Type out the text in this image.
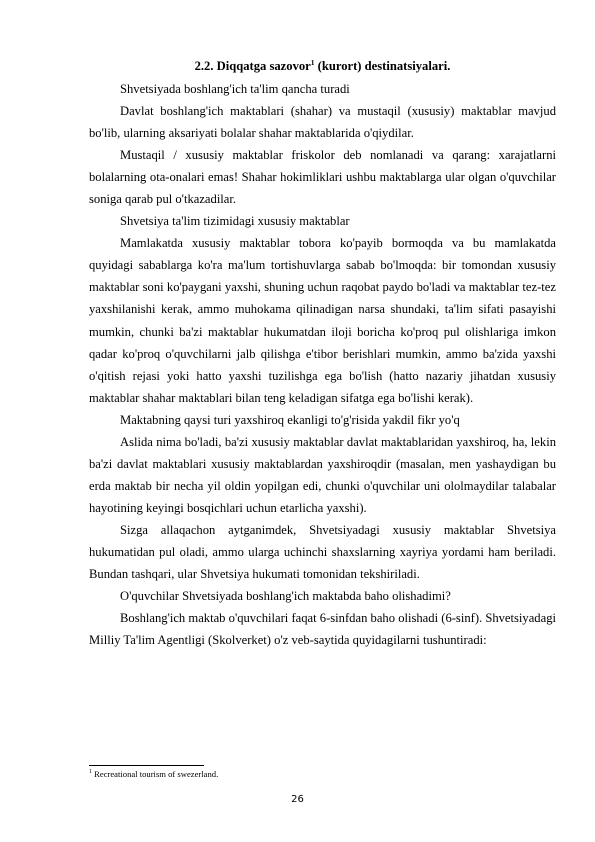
2.2. Diqqatga sazovor$^1$ (kurort) destinatsiyalari.

Shvetsiyada boshlang'ich ta'lim qancha turadi

Davlat boshlang'ich maktablari (shahar) va mustaqil (xususiy) maktablar mavjud bo'lib, ularning aksariyati bolalar shahar maktablarida o'qiydilar.

Mustaqil / xususiy maktablar friskolor deb nomlanadi va qarang: xarajatlarni bolalarning ota-onalari emas! Shahar hokimliklari ushbu maktablarga ular olgan o'quvchilar soniga qarab pul o'tkazadilar.

Shvetsiya ta'lim tizimidagi xususiy maktablar

Mamlakatda xususiy maktablar tobora ko'payib bormoqda va bu mamlakatda quyidagi sabablarga ko'ra ma'lum tortishuvlarga sabab bo'lmoqda: bir tomondan xususiy maktablar soni ko'paygani yaxshi, shuning uchun raqobat paydo bo'ladi va maktablar tez-tez yaxshilanishi kerak, ammo muhokama qilinadigan narsa shundaki, ta'lim sifati pasayishi mumkin, chunki ba'zi maktablar hukumatdan iloji boricha ko'proq pul olishlariga imkon qadar ko'proq o'quvchilarni jalb qilishga e'tibor berishlari mumkin, ammo ba'zida yaxshi o'qitish rejasi yoki hatto yaxshi tuzilishga ega bo'lish (hatto nazariy jihatdan xususiy maktablar shahar maktablari bilan teng keladigan sifatga ega bo'lishi kerak).

Maktabning qaysi turi yaxshiroq ekanligi to'g'risida yakdil fikr yo'q

Aslida nima bo'ladi, ba'zi xususiy maktablar davlat maktablaridan yaxshiroq, ha, lekin ba'zi davlat maktablari xususiy maktablardan yaxshiroqdir (masalan, men yashaydigan bu erda maktab bir necha yil oldin yopilgan edi, chunki o'quvchilar uni ololmaydilar talabalar hayotining keyingi bosqichlari uchun etarlicha yaxshi).

Sizga allaqachon aytganimdek, Shvetsiyadagi xususiy maktablar Shvetsiya hukumatidan pul oladi, ammo ularga uchinchi shaxslarning xayriya yordami ham beriladi. Bundan tashqari, ular Shvetsiya hukumati tomonidan tekshiriladi.

O'quvchilar Shvetsiyada boshlang'ich maktabda baho olishadimi?

Boshlang'ich maktab o'quvchilari faqat 6-sinfdan baho olishadi (6-sinf). Shvetsiyadagi Milliy Ta'lim Agentligi (Skolverket) o'z veb-saytida quyidagilarni tushuntiradi:

$^1$ Recreational tourism of swezerland.
26
